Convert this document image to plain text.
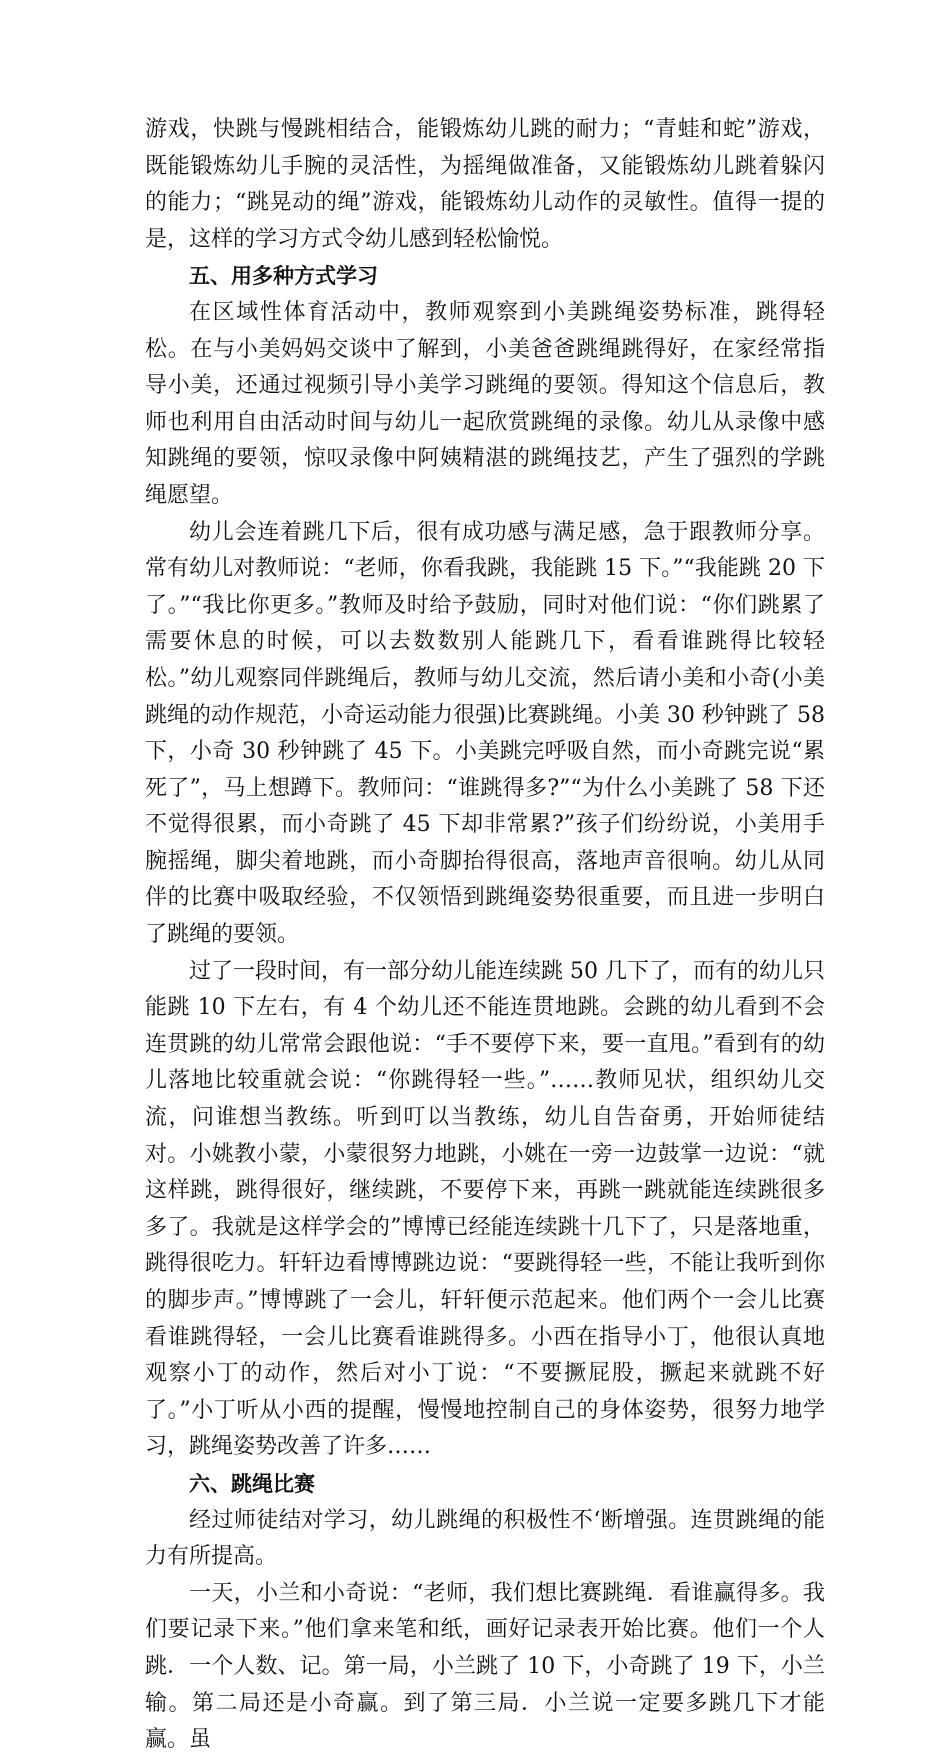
游戏，快跳与慢跳相结合，能锻炼幼儿跳的耐力；“青蛙和蛇”游戏，既能锻炼幼儿手腕的灵活性，为摇绳做准备，又能锻炼幼儿跳着躲闪的能力；“跳晃动的绳”游戏，能锻炼幼儿动作的灵敏性。值得一提的是，这样的学习方式令幼儿感到轻松愉悦。

五、用多种方式学习

在区域性体育活动中，教师观察到小美跳绳姿势标准，跳得轻松。在与小美妈妈交谈中了解到，小美爸爸跳绳跳得好，在家经常指导小美，还通过视频引导小美学习跳绳的要领。得知这个信息后，教师也利用自由活动时间与幼儿一起欣赏跳绳的录像。幼儿从录像中感知跳绳的要领，惊叹录像中阿姨精湛的跳绳技艺，产生了强烈的学跳绳愿望。

幼儿会连着跳几下后，很有成功感与满足感，急于跟教师分享。常有幼儿对教师说：“老师，你看我跳，我能跳 15 下。”“我能跳 20 下了。”“我比你更多。”教师及时给予鼓励，同时对他们说：“你们跳累了需要休息的时候，可以去数数别人能跳几下，看看谁跳得比较轻松。”幼儿观察同伴跳绳后，教师与幼儿交流，然后请小美和小奇(小美跳绳的动作规范，小奇运动能力很强)比赛跳绳。小美 30 秒钟跳了 58 下，小奇 30 秒钟跳了 45 下。小美跳完呼吸自然，而小奇跳完说“累死了”，马上想蹲下。教师问：“谁跳得多?”“为什么小美跳了 58 下还不觉得很累，而小奇跳了 45 下却非常累?”孩子们纷纷说，小美用手腕摇绳，脚尖着地跳，而小奇脚抬得很高，落地声音很响。幼儿从同伴的比赛中吸取经验，不仅领悟到跳绳姿势很重要，而且进一步明白了跳绳的要领。

过了一段时间，有一部分幼儿能连续跳 50 几下了，而有的幼儿只能跳 10 下左右，有 4 个幼儿还不能连贯地跳。会跳的幼儿看到不会连贯跳的幼儿常常会跟他说：“手不要停下来，要一直甩。”看到有的幼儿落地比较重就会说：“你跳得轻一些。”……教师见状，组织幼儿交流，问谁想当教练。听到叮以当教练，幼儿自告奋勇，开始师徒结对。小姚教小蒙，小蒙很努力地跳，小姚在一旁一边鼓掌一边说：“就这样跳，跳得很好，继续跳，不要停下来，再跳一跳就能连续跳很多多了。我就是这样学会的”博博已经能连续跳十几下了，只是落地重，跳得很吃力。轩轩边看博博跳边说：“要跳得轻一些，不能让我听到你的脚步声。”博博跳了一会儿，轩轩便示范起来。他们两个一会儿比赛看谁跳得轻，一会儿比赛看谁跳得多。小西在指导小丁，他很认真地观察小丁的动作，然后对小丁说：“不要撅屁股，撅起来就跳不好了。”小丁听从小西的提醒，慢慢地控制自己的身体姿势，很努力地学习，跳绳姿势改善了许多……

六、跳绳比赛

经过师徒结对学习，幼儿跳绳的积极性不‘断增强。连贯跳绳的能力有所提高。

一天，小兰和小奇说：“老师，我们想比赛跳绳．看谁赢得多。我们要记录下来。”他们拿来笔和纸，画好记录表开始比赛。他们一个人跳．一个人数、记。第一局，小兰跳了 10 下，小奇跳了 19 下，小兰输。第二局还是小奇赢。到了第三局．小兰说一定要多跳几下才能赢。虽
